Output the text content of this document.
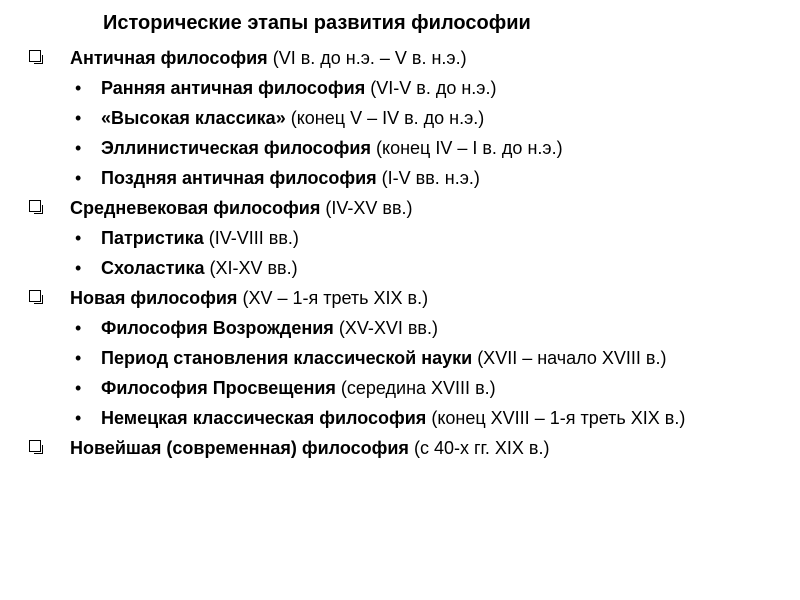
Исторические этапы развития философии

Античная философия (VI в. до н.э. – V в. н.э.)

• Ранняя античная философия (VI-V в. до н.э.)

• «Высокая классика» (конец V – IV в. до н.э.)

• Эллинистическая философия (конец IV – I в. до н.э.)

• Поздняя античная философия (I-V вв. н.э.)

Средневековая философия (IV-XV вв.)

• Патристика (IV-VIII вв.)

• Схоластика (XI-XV вв.)

Новая философия (XV – 1-я треть XIX в.)

• Философия Возрождения (XV-XVI вв.)

• Период становления классической науки (XVII – начало XVIII в.)

• Философия Просвещения (середина XVIII в.)

• Немецкая классическая философия (конец XVIII – 1-я треть XIX в.)

Новейшая (современная) философия (с 40-х гг. XIX в.)
